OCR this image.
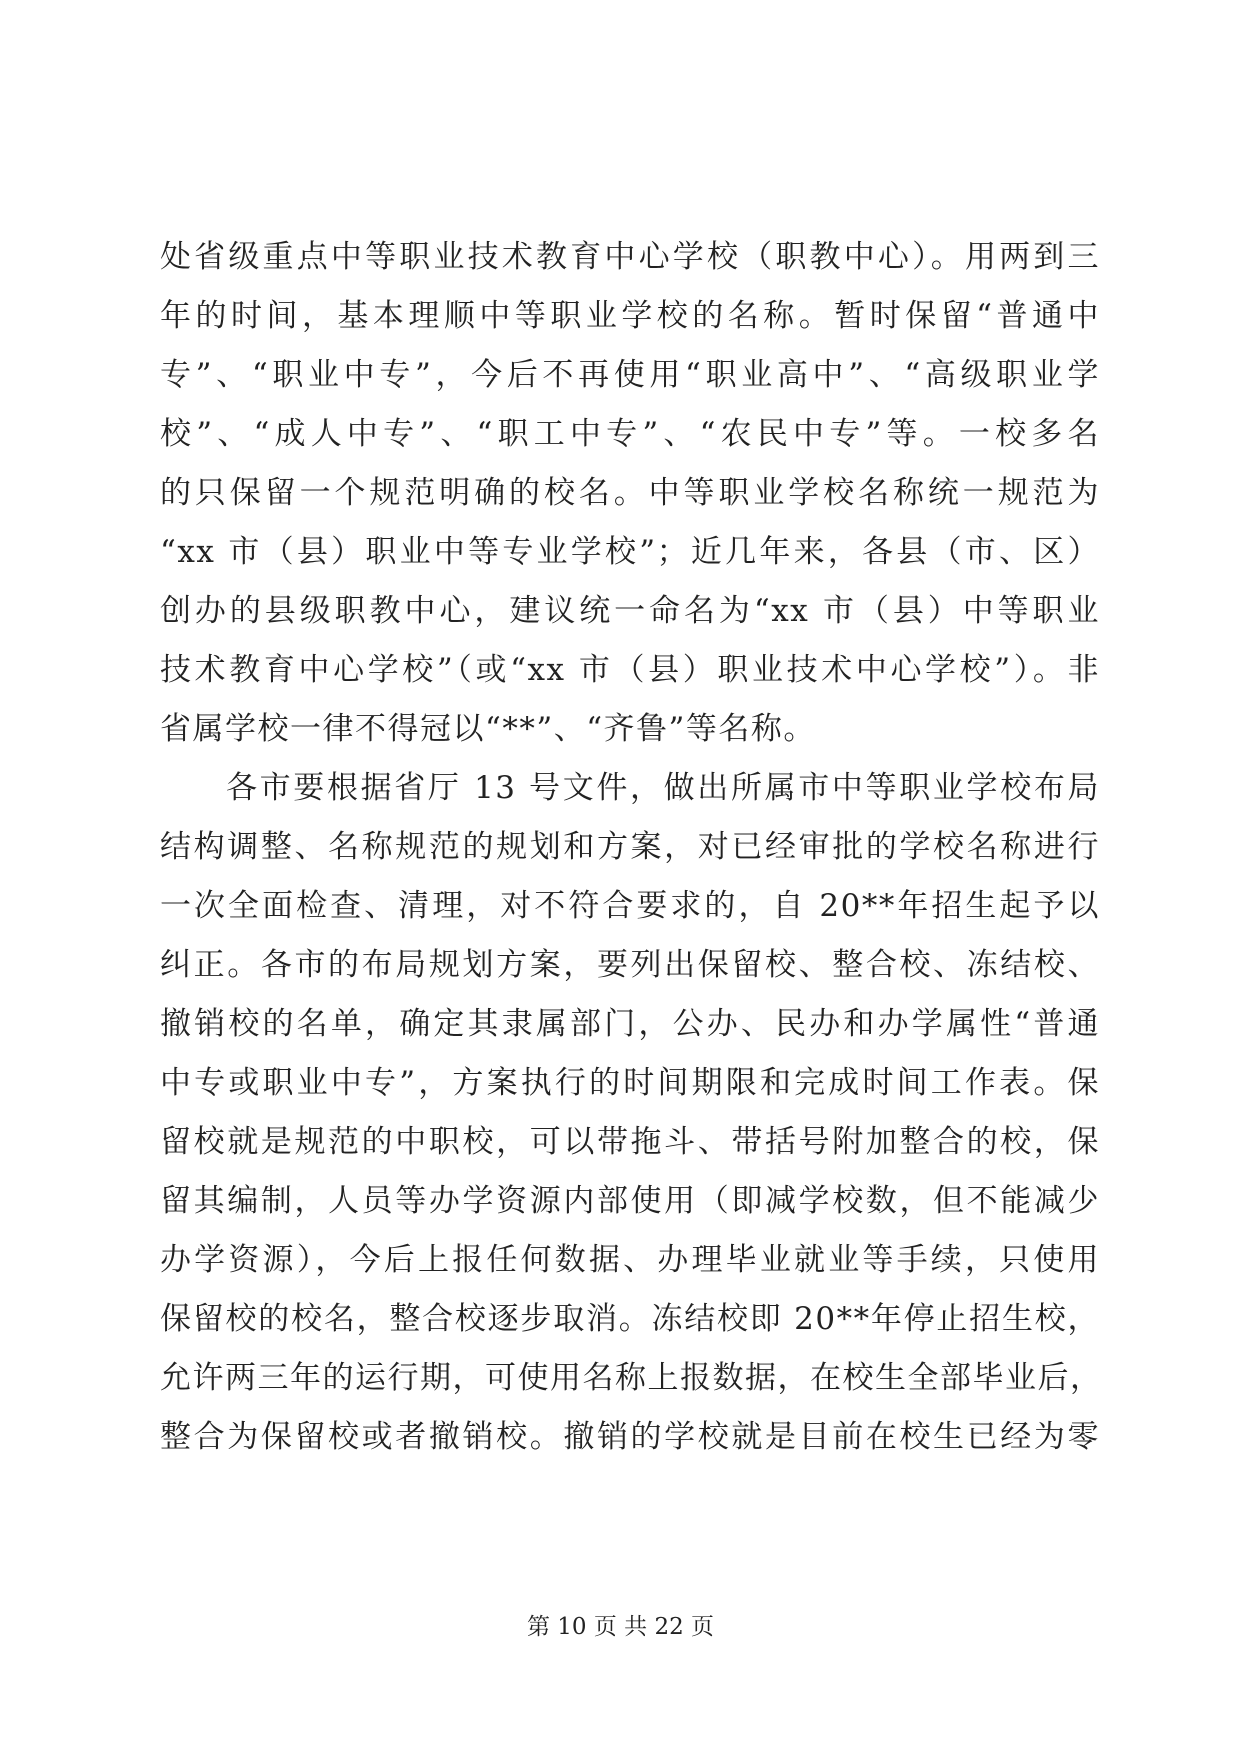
处省级重点中等职业技术教育中心学校（职教中心）。用两到三
年的时间，基本理顺中等职业学校的名称。暂时保留“普通中
专”、“职业中专”，今后不再使用“职业高中”、“高级职业学
校”、“成人中专”、“职工中专”、“农民中专”等。一校多名
的只保留一个规范明确的校名。中等职业学校名称统一规范为
“xx 市（县）职业中等专业学校”；近几年来，各县（市、区）
创办的县级职教中心，建议统一命名为“xx 市（县）中等职业
技术教育中心学校”（或“xx 市（县）职业技术中心学校”）。非
省属学校一律不得冠以“**”、“齐鲁”等名称。
各市要根据省厅 13 号文件，做出所属市中等职业学校布局
结构调整、名称规范的规划和方案，对已经审批的学校名称进行
一次全面检查、清理，对不符合要求的，自 20**年招生起予以
纠正。各市的布局规划方案，要列出保留校、整合校、冻结校、
撤销校的名单，确定其隶属部门，公办、民办和办学属性“普通
中专或职业中专”，方案执行的时间期限和完成时间工作表。保
留校就是规范的中职校，可以带拖斗、带括号附加整合的校，保
留其编制，人员等办学资源内部使用（即减学校数，但不能减少
办学资源），今后上报任何数据、办理毕业就业等手续，只使用
保留校的校名，整合校逐步取消。冻结校即 20**年停止招生校，
允许两三年的运行期，可使用名称上报数据，在校生全部毕业后，
整合为保留校或者撤销校。撤销的学校就是目前在校生已经为零
第 10 页 共 22 页
